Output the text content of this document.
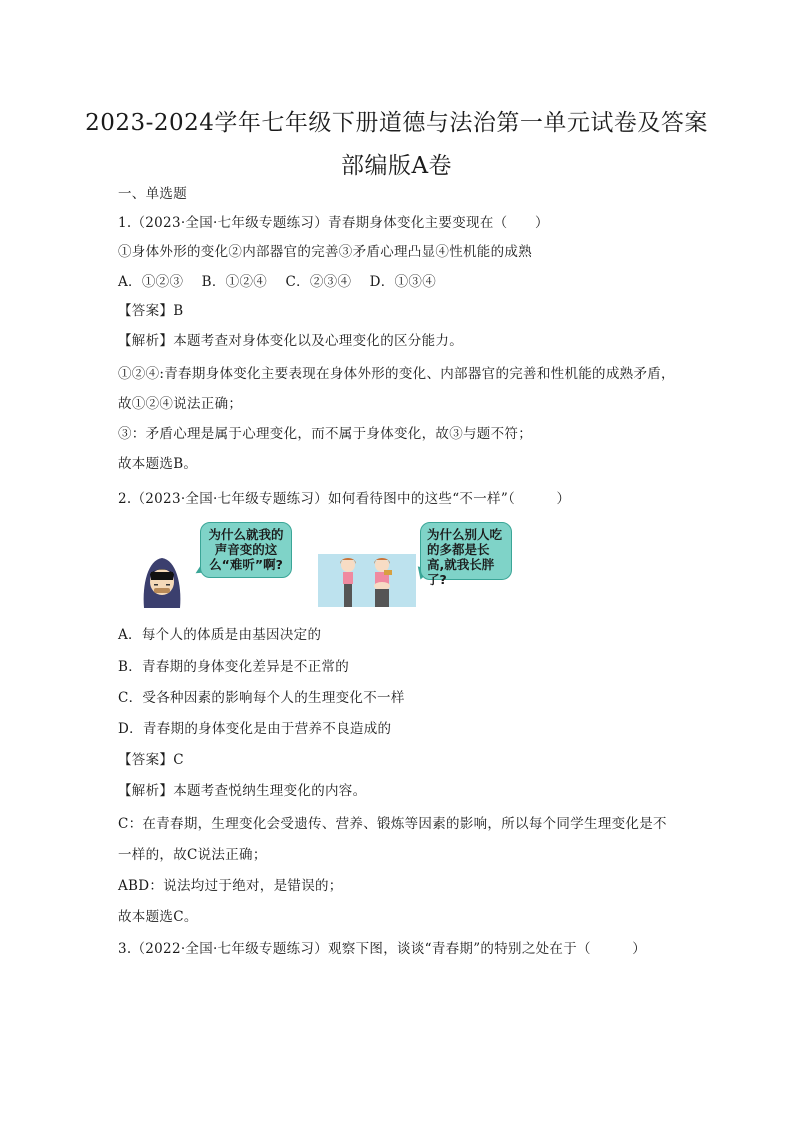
2023-2024学年七年级下册道德与法治第一单元试卷及答案
部编版A卷
一、单选题
1.（2023·全国·七年级专题练习）青春期身体变化主要变现在（　　）
①身体外形的变化②内部器官的完善③矛盾心理凸显④性机能的成熟
A．①②③　 B．①②④　 C．②③④　 D．①③④
【答案】B
【解析】本题考查对身体变化以及心理变化的区分能力。
①②④:青春期身体变化主要表现在身体外形的变化、内部器官的完善和性机能的成熟矛盾，
故①②④说法正确；
③：矛盾心理是属于心理变化，而不属于身体变化，故③与题不符；
故本题选B。
2.（2023·全国·七年级专题练习）如何看待图中的这些“不一样”（　　　）
为什么就我的声音变的这么“难听”啊?
为什么别人吃的多都是长高,就我长胖了?
A．每个人的体质是由基因决定的
B．青春期的身体变化差异是不正常的
C．受各种因素的影响每个人的生理变化不一样
D．青春期的身体变化是由于营养不良造成的
【答案】C
【解析】本题考查悦纳生理变化的内容。
C：在青春期，生理变化会受遗传、营养、锻炼等因素的影响，所以每个同学生理变化是不
一样的，故C说法正确；
ABD：说法均过于绝对，是错误的；
故本题选C。
3.（2022·全国·七年级专题练习）观察下图，谈谈“青春期”的特别之处在于（　　　）
